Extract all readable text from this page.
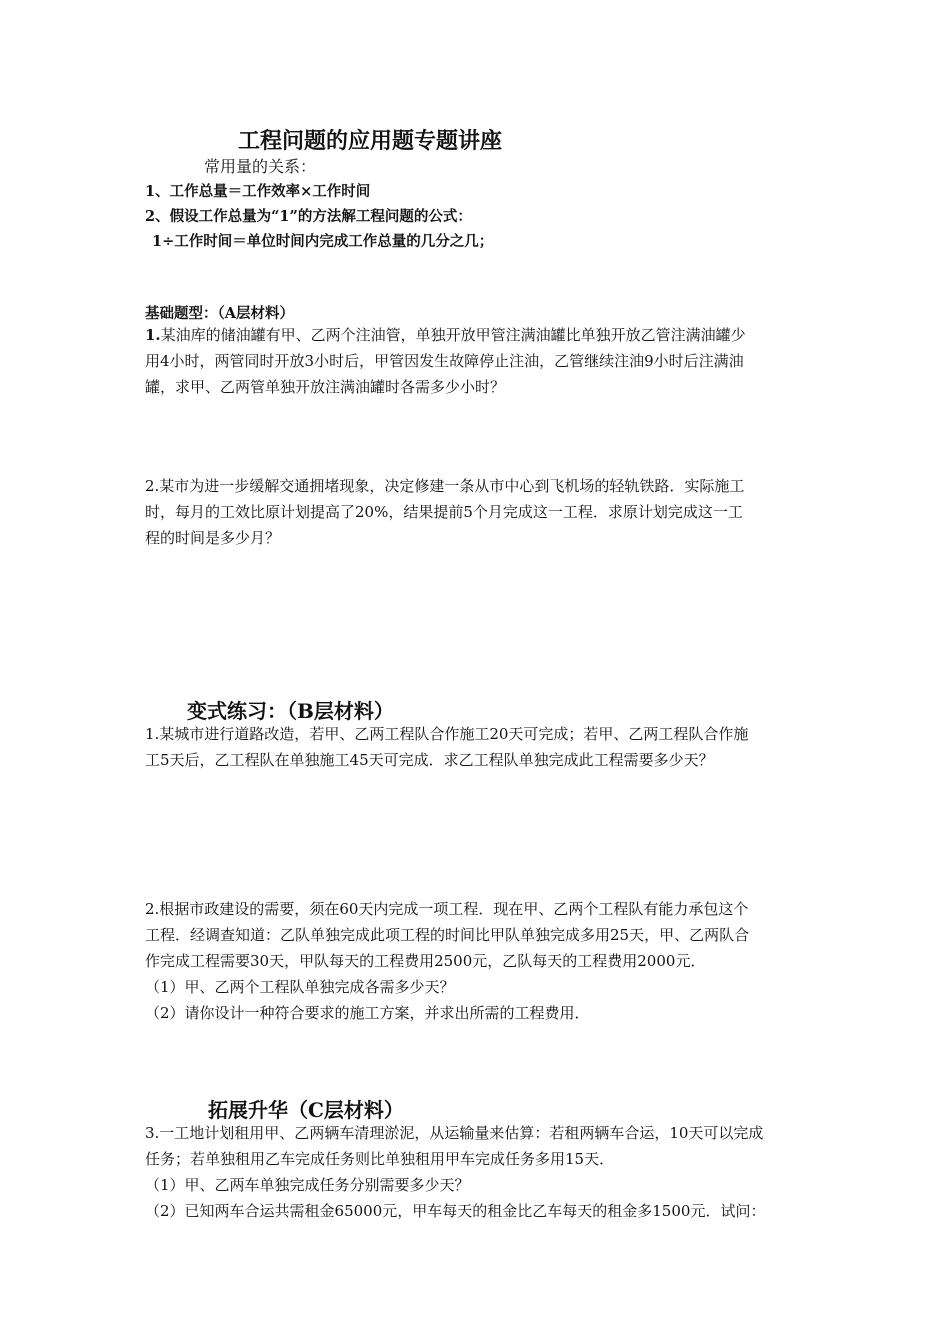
工程问题的应用题专题讲座
常用量的关系：
1、工作总量＝工作效率×工作时间
2、假设工作总量为“1”的方法解工程问题的公式：
1÷工作时间＝单位时间内完成工作总量的几分之几；
基础题型：（A层材料）
1.某油库的储油罐有甲、乙两个注油管，单独开放甲管注满油罐比单独开放乙管注满油罐少
用4小时，两管同时开放3小时后，甲管因发生故障停止注油，乙管继续注油9小时后注满油
罐，求甲、乙两管单独开放注满油罐时各需多少小时？
2.某市为进一步缓解交通拥堵现象，决定修建一条从市中心到飞机场的轻轨铁路．实际施工
时，每月的工效比原计划提高了20%，结果提前5个月完成这一工程．求原计划完成这一工
程的时间是多少月？
变式练习：（B层材料）
1.某城市进行道路改造，若甲、乙两工程队合作施工20天可完成；若甲、乙两工程队合作施
工5天后，乙工程队在单独施工45天可完成．求乙工程队单独完成此工程需要多少天？
2.根据市政建设的需要，须在60天内完成一项工程．现在甲、乙两个工程队有能力承包这个
工程．经调查知道：乙队单独完成此项工程的时间比甲队单独完成多用25天，甲、乙两队合
作完成工程需要30天，甲队每天的工程费用2500元，乙队每天的工程费用2000元．
（1）甲、乙两个工程队单独完成各需多少天？
（2）请你设计一种符合要求的施工方案，并求出所需的工程费用．
拓展升华（C层材料）
3.一工地计划租用甲、乙两辆车清理淤泥，从运输量来估算：若租两辆车合运，10天可以完成
任务；若单独租用乙车完成任务则比单独租用甲车完成任务多用15天．
（1）甲、乙两车单独完成任务分别需要多少天？
（2）已知两车合运共需租金65000元，甲车每天的租金比乙车每天的租金多1500元．试问：
